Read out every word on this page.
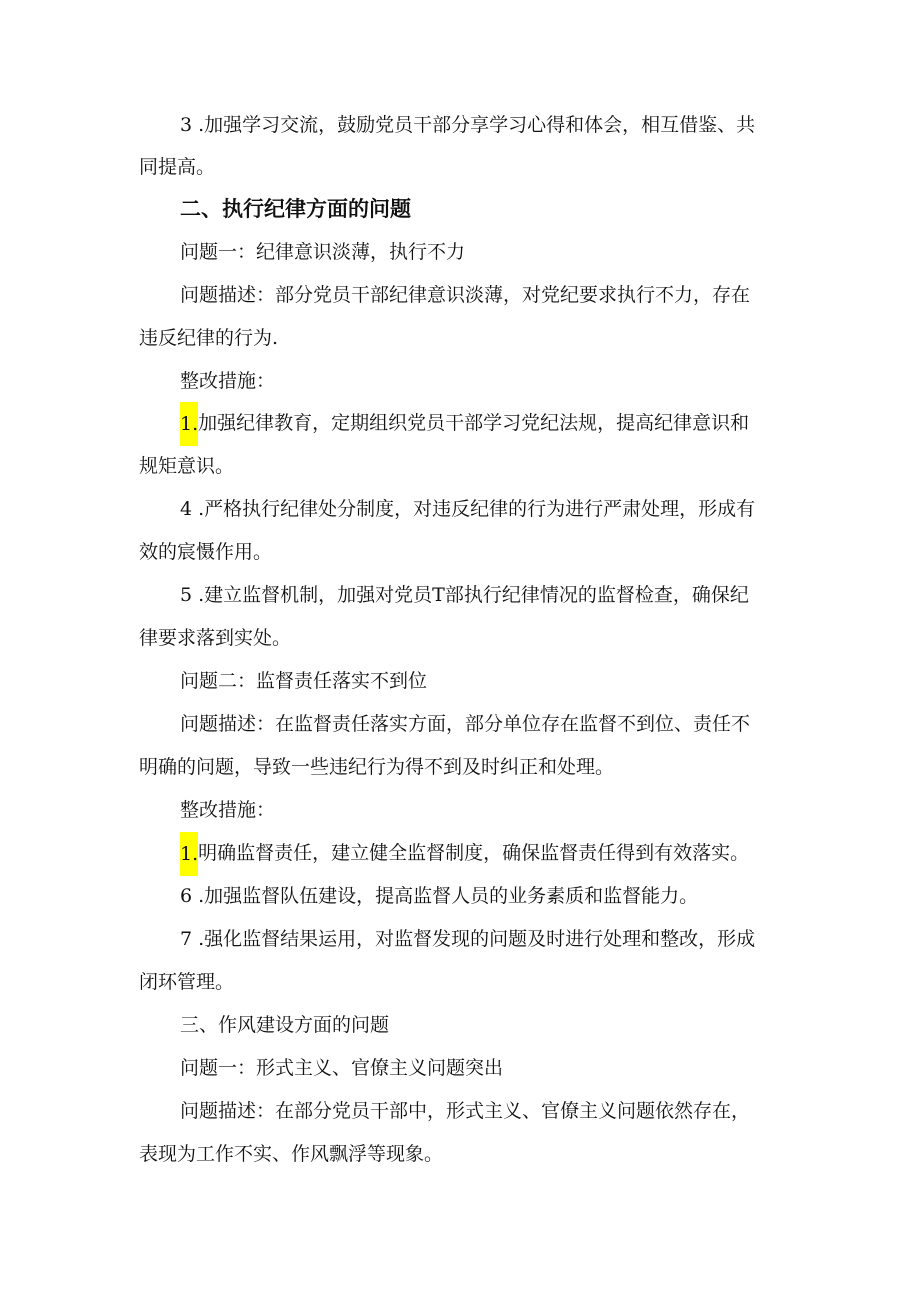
3 .加强学习交流，鼓励党员干部分享学习心得和体会，相互借鉴、共

同提高。

二、执行纪律方面的问题

问题一：纪律意识淡薄，执行不力

问题描述：部分党员干部纪律意识淡薄，对党纪要求执行不力，存在

违反纪律的行为.

整改措施：

1.加强纪律教育，定期组织党员干部学习党纪法规，提高纪律意识和

规矩意识。

4 .严格执行纪律处分制度，对违反纪律的行为进行严肃处理，形成有

效的宸慑作用。

5 .建立监督机制，加强对党员T部执行纪律情况的监督检查，确保纪

律要求落到实处。

问题二：监督责任落实不到位

问题描述：在监督责任落实方面，部分单位存在监督不到位、责任不

明确的问题，导致一些违纪行为得不到及时纠正和处理。

整改措施：

1.明确监督责任，建立健全监督制度，确保监督责任得到有效落实。

6 .加强监督队伍建设，提高监督人员的业务素质和监督能力。

7 .强化监督结果运用，对监督发现的问题及时进行处理和整改，形成

闭环管理。

三、作风建设方面的问题

问题一：形式主义、官僚主义问题突出

问题描述：在部分党员干部中，形式主义、官僚主义问题依然存在，

表现为工作不实、作风飘浮等现象。
